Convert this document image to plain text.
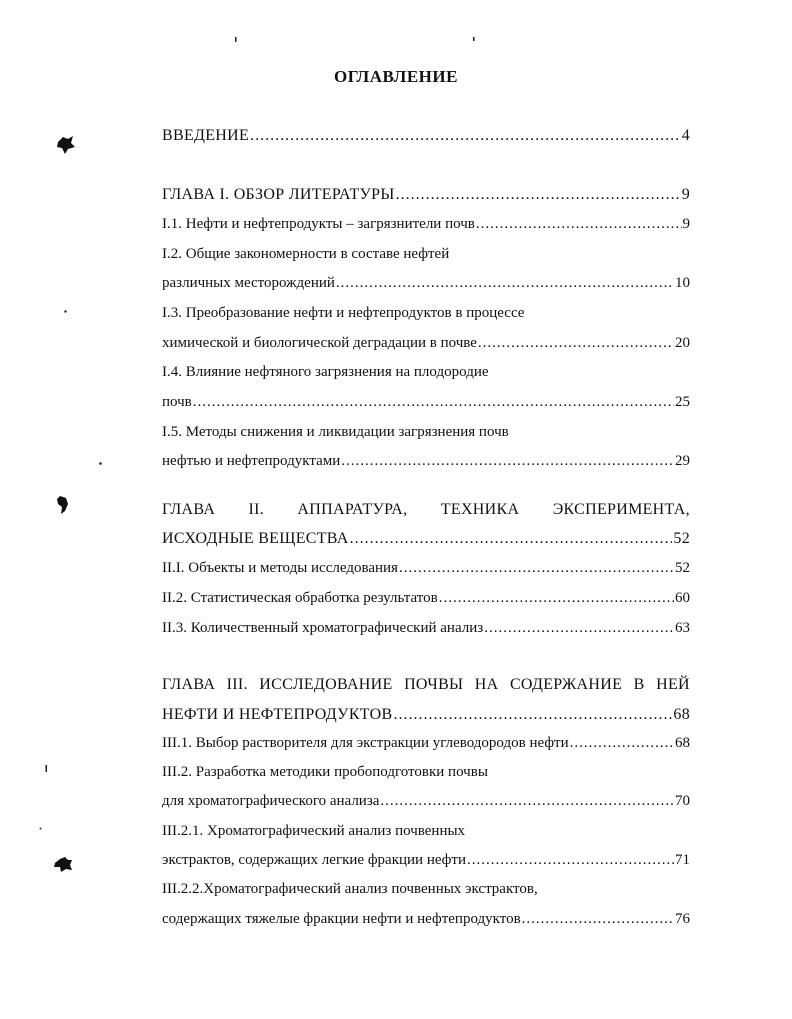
ОГЛАВЛЕНИЕ
ВВЕДЕНИЕ .....	4
ГЛАВА I. ОБЗОР ЛИТЕРАТУРЫ .....	9
I.1. Нефти и нефтепродукты – загрязнители почв .....	9
I.2. Общие закономерности в составе нефтей
различных месторождений .....	10
I.3. Преобразование нефти и нефтепродуктов в процессе
химической и биологической деградации в почве .....	20
I.4. Влияние нефтяного загрязнения на плодородие
почв .....	25
I.5. Методы снижения и ликвидации загрязнения почв
нефтью и нефтепродуктами .....	29
ГЛАВА II. АППАРАТУРА, ТЕХНИКА ЭКСПЕРИМЕНТА,
ИСХОДНЫЕ ВЕЩЕСТВА .....	52
II.I. Объекты и методы исследования .....	52
II.2. Статистическая обработка результатов .....	60
II.3. Количественный хроматографический анализ .....	63
ГЛАВА III. ИССЛЕДОВАНИЕ ПОЧВЫ НА СОДЕРЖАНИЕ В НЕЙ
НЕФТИ И НЕФТЕПРОДУКТОВ .....	68
III.1. Выбор растворителя для экстракции углеводородов нефти .....	68
III.2. Разработка методики пробоподготовки почвы
для хроматографического анализа .....	70
III.2.1. Хроматографический анализ почвенных
экстрактов, содержащих легкие фракции нефти .....	71
III.2.2.Хроматографический анализ почвенных экстрактов,
содержащих тяжелые фракции нефти и нефтепродуктов .....	76
